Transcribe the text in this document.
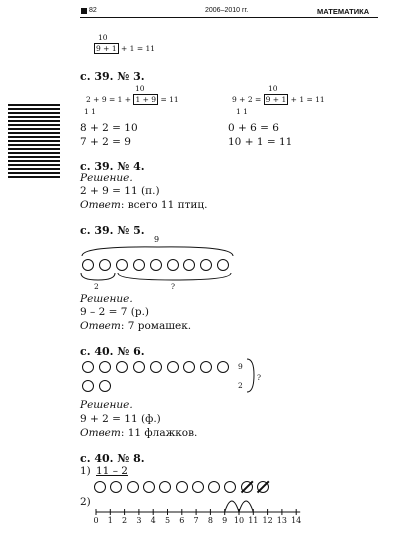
82	2006–2010 гг.	МАТЕМАТИКА
10
9 + 1 + 1 = 11
с. 39. № 3.
10
2 + 9 = 1 + 1 + 9 = 11
1 1
10
9 + 2 = 9 + 1 + 1 = 11
1 1
8 + 2 = 10
7 + 2 = 9
0 + 6 = 6
10 + 1 = 11
с. 39. № 4.
Решение.
2 + 9 = 11 (п.)
Ответ: всего 11 птиц.
с. 39. № 5.
9
2	?
Решение.
9 – 2 = 7 (р.)
Ответ: 7 ромашек.
с. 40. № 6.
9
2
?
Решение.
9 + 2 = 11 (ф.)
Ответ: 11 флажков.
с. 40. № 8.
1) 11 – 2
2)
0 1 2 3 4 5 6 7 8 9 10 11 12 13 14
